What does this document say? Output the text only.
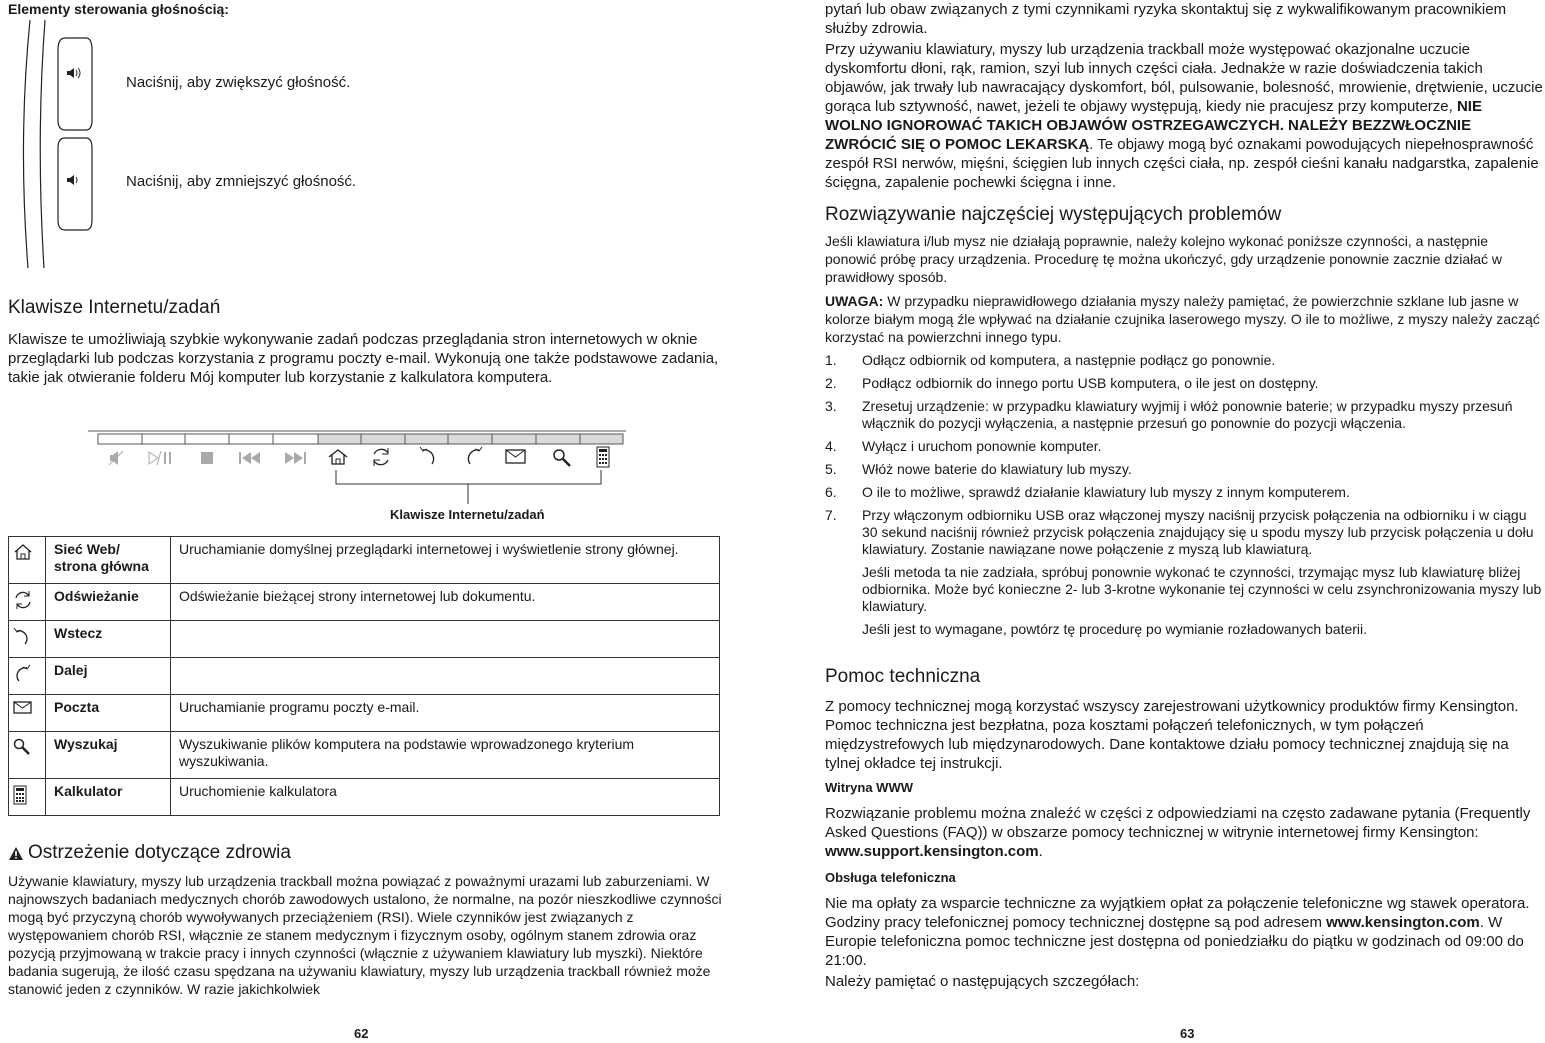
Elementy sterowania głośnością:
Naciśnij, aby zwiększyć głośność.
Naciśnij, aby zmniejszyć głośność.
Klawisze Internetu/zadań

Klawisze te umożliwiają szybkie wykonywanie zadań podczas przeglądania stron internetowych w oknie przeglądarki lub podczas korzystania z programu poczty e-mail. Wykonują one także podstawowe zadania, takie jak otwieranie folderu Mój komputer lub korzystanie z kalkulatora komputera.

Klawisze Internetu/zadań
	Sieć Web/ strona główna	Uruchamianie domyślnej przeglądarki internetowej i wyświetlenie strony głównej.

	Odświeżanie	Odświeżanie bieżącej strony internetowej lub dokumentu.

	Wstecz	

	Dalej	

	Poczta	Uruchamianie programu poczty e-mail.

	Wyszukaj	Wyszukiwanie plików komputera na podstawie wprowadzonego kryterium wyszukiwania.

	Kalkulator	Uruchomienie kalkulatora
Ostrzeżenie dotyczące zdrowia

Używanie klawiatury, myszy lub urządzenia trackball można powiązać z poważnymi urazami lub zaburzeniami. W najnowszych badaniach medycznych chorób zawodowych ustalono, że normalne, na pozór nieszkodliwe czynności mogą być przyczyną chorób wywoływanych przeciążeniem (RSI). Wiele czynników jest związanych z występowaniem chorób RSI, włącznie ze stanem medycznym i fizycznym osoby, ogólnym stanem zdrowia oraz pozycją przyjmowaną w trakcie pracy i innych czynności (włącznie z używaniem klawiatury lub myszki). Niektóre badania sugerują, że ilość czasu spędzana na używaniu klawiatury, myszy lub urządzenia trackball również może stanowić jeden z czynników. W razie jakichkolwiek

62

pytań lub obaw związanych z tymi czynnikami ryzyka skontaktuj się z wykwalifikowanym pracownikiem służby zdrowia.

Przy używaniu klawiatury, myszy lub urządzenia trackball może występować okazjonalne uczucie dyskomfortu dłoni, rąk, ramion, szyi lub innych części ciała. Jednakże w razie doświadczenia takich objawów, jak trwały lub nawracający dyskomfort, ból, pulsowanie, bolesność, mrowienie, drętwienie, uczucie gorąca lub sztywność, nawet, jeżeli te objawy występują, kiedy nie pracujesz przy komputerze, NIE WOLNO IGNOROWAĆ TAKICH OBJAWÓW OSTRZEGAWCZYCH. NALEŻY BEZZWŁOCZNIE ZWRÓCIĆ SIĘ O POMOC LEKARSKĄ. Te objawy mogą być oznakami powodujących niepełnosprawność zespół RSI nerwów, mięśni, ścięgien lub innych części ciała, np. zespół cieśni kanału nadgarstka, zapalenie ścięgna, zapalenie pochewki ścięgna i inne.

Rozwiązywanie najczęściej występujących problemów

Jeśli klawiatura i/lub mysz nie działają poprawnie, należy kolejno wykonać poniższe czynności, a następnie ponowić próbę pracy urządzenia. Procedurę tę można ukończyć, gdy urządzenie ponownie zacznie działać w prawidłowy sposób.

UWAGA: W przypadku nieprawidłowego działania myszy należy pamiętać, że powierzchnie szklane lub jasne w kolorze białym mogą źle wpływać na działanie czujnika laserowego myszy. O ile to możliwe, z myszy należy zacząć korzystać na powierzchni innego typu.

1. Odłącz odbiornik od komputera, a następnie podłącz go ponownie.
2. Podłącz odbiornik do innego portu USB komputera, o ile jest on dostępny.
3. Zresetuj urządzenie: w przypadku klawiatury wyjmij i włóż ponownie baterie; w przypadku myszy przesuń włącznik do pozycji wyłączenia, a następnie przesuń go ponownie do pozycji włączenia.
4. Wyłącz i uruchom ponownie komputer.
5. Włóż nowe baterie do klawiatury lub myszy.
6. O ile to możliwe, sprawdź działanie klawiatury lub myszy z innym komputerem.
7. Przy włączonym odbiorniku USB oraz włączonej myszy naciśnij przycisk połączenia na odbiorniku i w ciągu 30 sekund naciśnij również przycisk połączenia znajdujący się u spodu myszy lub przycisk połączenia u dołu klawiatury. Zostanie nawiązane nowe połączenie z myszą lub klawiaturą.
Jeśli metoda ta nie zadziała, spróbuj ponownie wykonać te czynności, trzymając mysz lub klawiaturę bliżej odbiornika. Może być konieczne 2- lub 3-krotne wykonanie tej czynności w celu zsynchronizowania myszy lub klawiatury.
Jeśli jest to wymagane, powtórz tę procedurę po wymianie rozładowanych baterii.
Pomoc techniczna

Z pomocy technicznej mogą korzystać wszyscy zarejestrowani użytkownicy produktów firmy Kensington. Pomoc techniczna jest bezpłatna, poza kosztami połączeń telefonicznych, w tym połączeń międzystrefowych lub międzynarodowych. Dane kontaktowe działu pomocy technicznej znajdują się na tylnej okładce tej instrukcji.

Witryna WWW

Rozwiązanie problemu można znaleźć w części z odpowiedziami na często zadawane pytania (Frequently Asked Questions (FAQ)) w obszarze pomocy technicznej w witrynie internetowej firmy Kensington: www.support.kensington.com.

Obsługa telefoniczna

Nie ma opłaty za wsparcie techniczne za wyjątkiem opłat za połączenie telefoniczne wg stawek operatora. Godziny pracy telefonicznej pomocy technicznej dostępne są pod adresem www.kensington.com. W Europie telefoniczna pomoc techniczne jest dostępna od poniedziałku do piątku w godzinach od 09:00 do 21:00.

Należy pamiętać o następujących szczegółach:

63
